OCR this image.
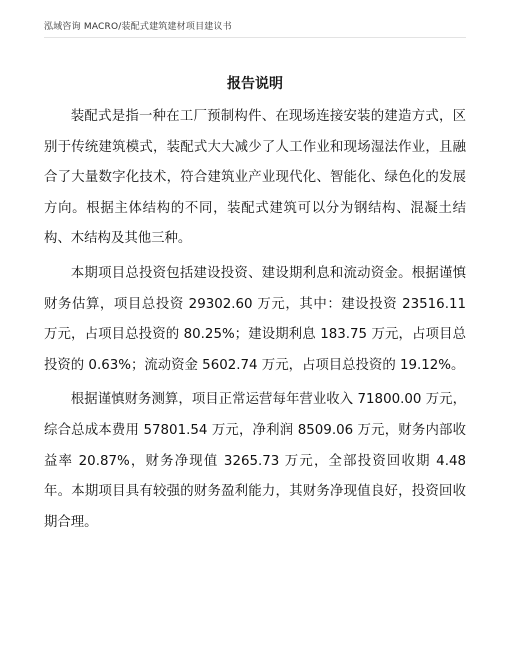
泓域咨询 MACRO/装配式建筑建材项目建议书
报告说明

装配式是指一种在工厂预制构件、在现场连接安装的建造方式，区别于传统建筑模式，装配式大大减少了人工作业和现场湿法作业，且融合了大量数字化技术，符合建筑业产业现代化、智能化、绿色化的发展方向。根据主体结构的不同，装配式建筑可以分为钢结构、混凝土结构、木结构及其他三种。

本期项目总投资包括建设投资、建设期利息和流动资金。根据谨慎财务估算，项目总投资 29302.60 万元，其中：建设投资 23516.11 万元，占项目总投资的 80.25%；建设期利息 183.75 万元，占项目总投资的 0.63%；流动资金 5602.74 万元，占项目总投资的 19.12%。

根据谨慎财务测算，项目正常运营每年营业收入 71800.00 万元，综合总成本费用 57801.54 万元，净利润 8509.06 万元，财务内部收益率 20.87%，财务净现值 3265.73 万元，全部投资回收期 4.48 年。本期项目具有较强的财务盈利能力，其财务净现值良好，投资回收期合理。
